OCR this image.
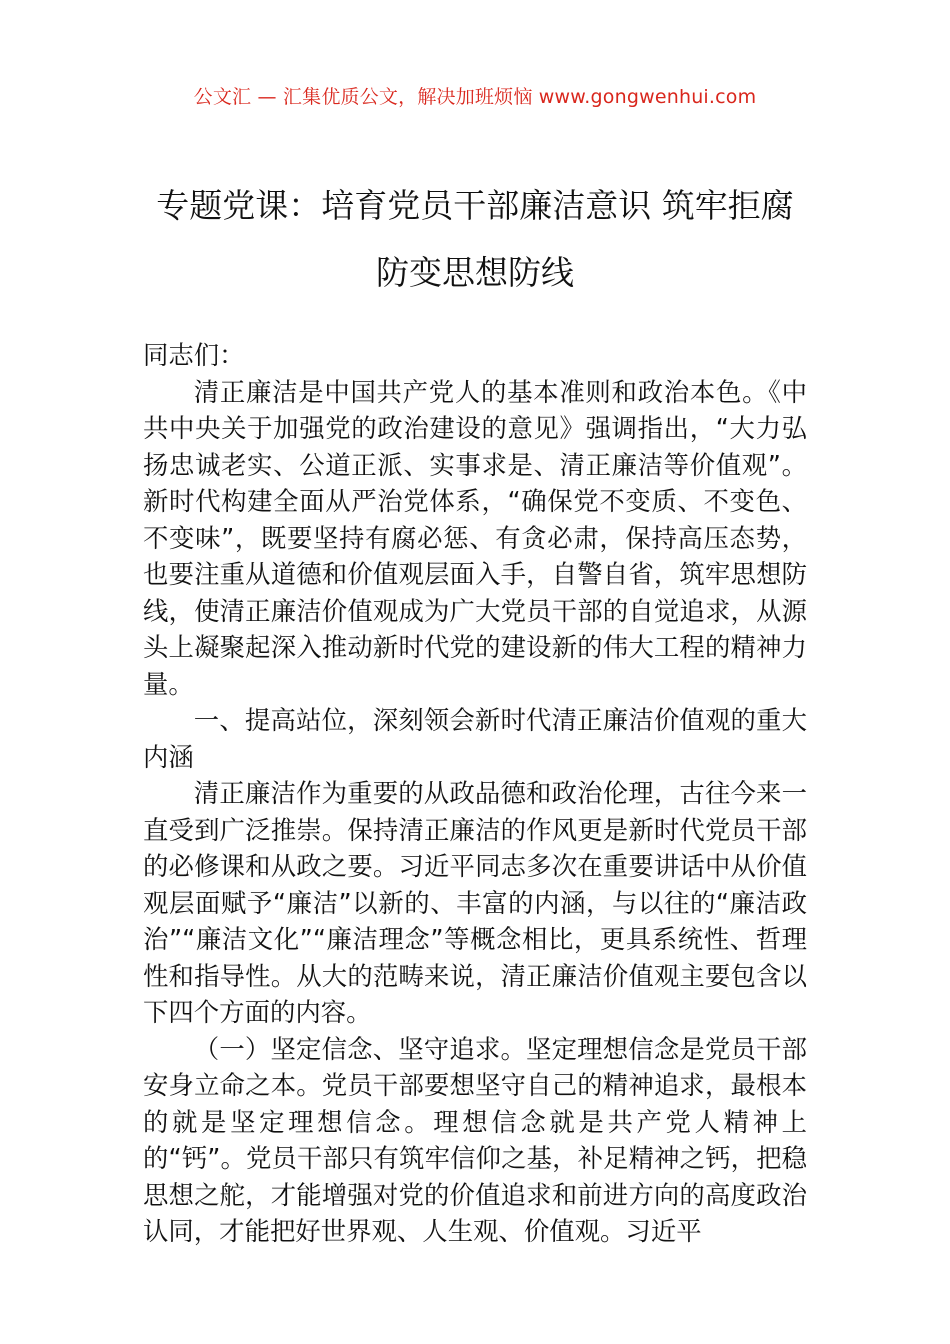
公文汇 — 汇集优质公文，解决加班烦恼 www.gongwenhui.com
专题党课：培育党员干部廉洁意识 筑牢拒腐防变思想防线

同志们：

清正廉洁是中国共产党人的基本准则和政治本色。《中共中央关于加强党的政治建设的意见》强调指出，“大力弘扬忠诚老实、公道正派、实事求是、清正廉洁等价值观”。新时代构建全面从严治党体系，“确保党不变质、不变色、不变味”，既要坚持有腐必惩、有贪必肃，保持高压态势，也要注重从道德和价值观层面入手，自警自省，筑牢思想防线，使清正廉洁价值观成为广大党员干部的自觉追求，从源头上凝聚起深入推动新时代党的建设新的伟大工程的精神力量。

一、提高站位，深刻领会新时代清正廉洁价值观的重大内涵

清正廉洁作为重要的从政品德和政治伦理，古往今来一直受到广泛推崇。保持清正廉洁的作风更是新时代党员干部的必修课和从政之要。习近平同志多次在重要讲话中从价值观层面赋予“廉洁”以新的、丰富的内涵，与以往的“廉洁政治”“廉洁文化”“廉洁理念”等概念相比，更具系统性、哲理性和指导性。从大的范畴来说，清正廉洁价值观主要包含以下四个方面的内容。

（一）坚定信念、坚守追求。坚定理想信念是党员干部安身立命之本。党员干部要想坚守自己的精神追求，最根本的就是坚定理想信念。理想信念就是共产党人精神上的“钙”。党员干部只有筑牢信仰之基，补足精神之钙，把稳思想之舵，才能增强对党的价值追求和前进方向的高度政治认同，才能把好世界观、人生观、价值观。习近平
